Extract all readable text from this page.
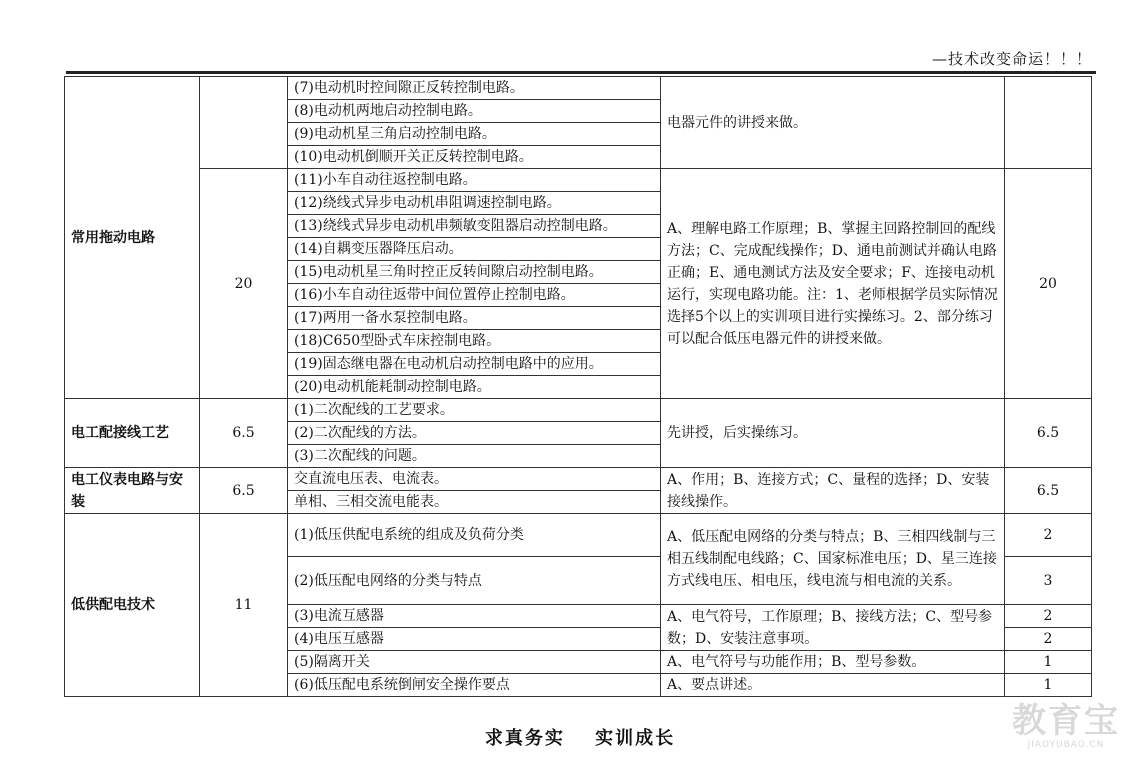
—技术改变命运！！！
常用拖动电路		(7)电动机时控间隙正反转控制电路。	电器元件的讲授来做。	
		(8)电动机两地启动控制电路。		
		(9)电动机星三角启动控制电路。		
		(10)电动机倒顺开关正反转控制电路。		
	20	(11)小车自动往返控制电路。	A、理解电路工作原理；B、掌握主回路控制回的配线方法；C、完成配线操作；D、通电前测试并确认电路正确；E、通电测试方法及安全要求；F、连接电动机运行，实现电路功能。注：1、老师根据学员实际情况选择5个以上的实训项目进行实操练习。2、部分练习可以配合低压电器元件的讲授来做。	20
		(12)绕线式异步电动机串阻调速控制电路。		
		(13)绕线式异步电动机串频敏变阻器启动控制电路。		
		(14)自耦变压器降压启动。		
		(15)电动机星三角时控正反转间隙启动控制电路。		
		(16)小车自动往返带中间位置停止控制电路。		
		(17)两用一备水泵控制电路。		
		(18)C650型卧式车床控制电路。		
		(19)固态继电器在电动机启动控制电路中的应用。		
		(20)电动机能耗制动控制电路。		
电工配接线工艺	6.5	(1)二次配线的工艺要求。	先讲授，后实操练习。	6.5
		(2)二次配线的方法。		
		(3)二次配线的问题。		
电工仪表电路与安装	6.5	交直流电压表、电流表。	A、作用；B、连接方式；C、量程的选择；D、安装接线操作。	6.5
		单相、三相交流电能表。		
低供配电技术	11	(1)低压供配电系统的组成及负荷分类	A、低压配电网络的分类与特点；B、三相四线制与三相五线制配电线路；C、国家标准电压；D、星三连接方式线电压、相电压，线电流与相电流的关系。	2
		(2)低压配电网络的分类与特点		3
		(3)电流互感器	A、电气符号，工作原理；B、接线方法；C、型号参数；D、安装注意事项。	2
		(4)电压互感器		2
		(5)隔离开关	A、电气符号与功能作用；B、型号参数。	1
		(6)低压配电系统倒闸安全操作要点	A、要点讲述。	1
求真务实 实训成长	教育宝
JIAOYUBAO.CN
